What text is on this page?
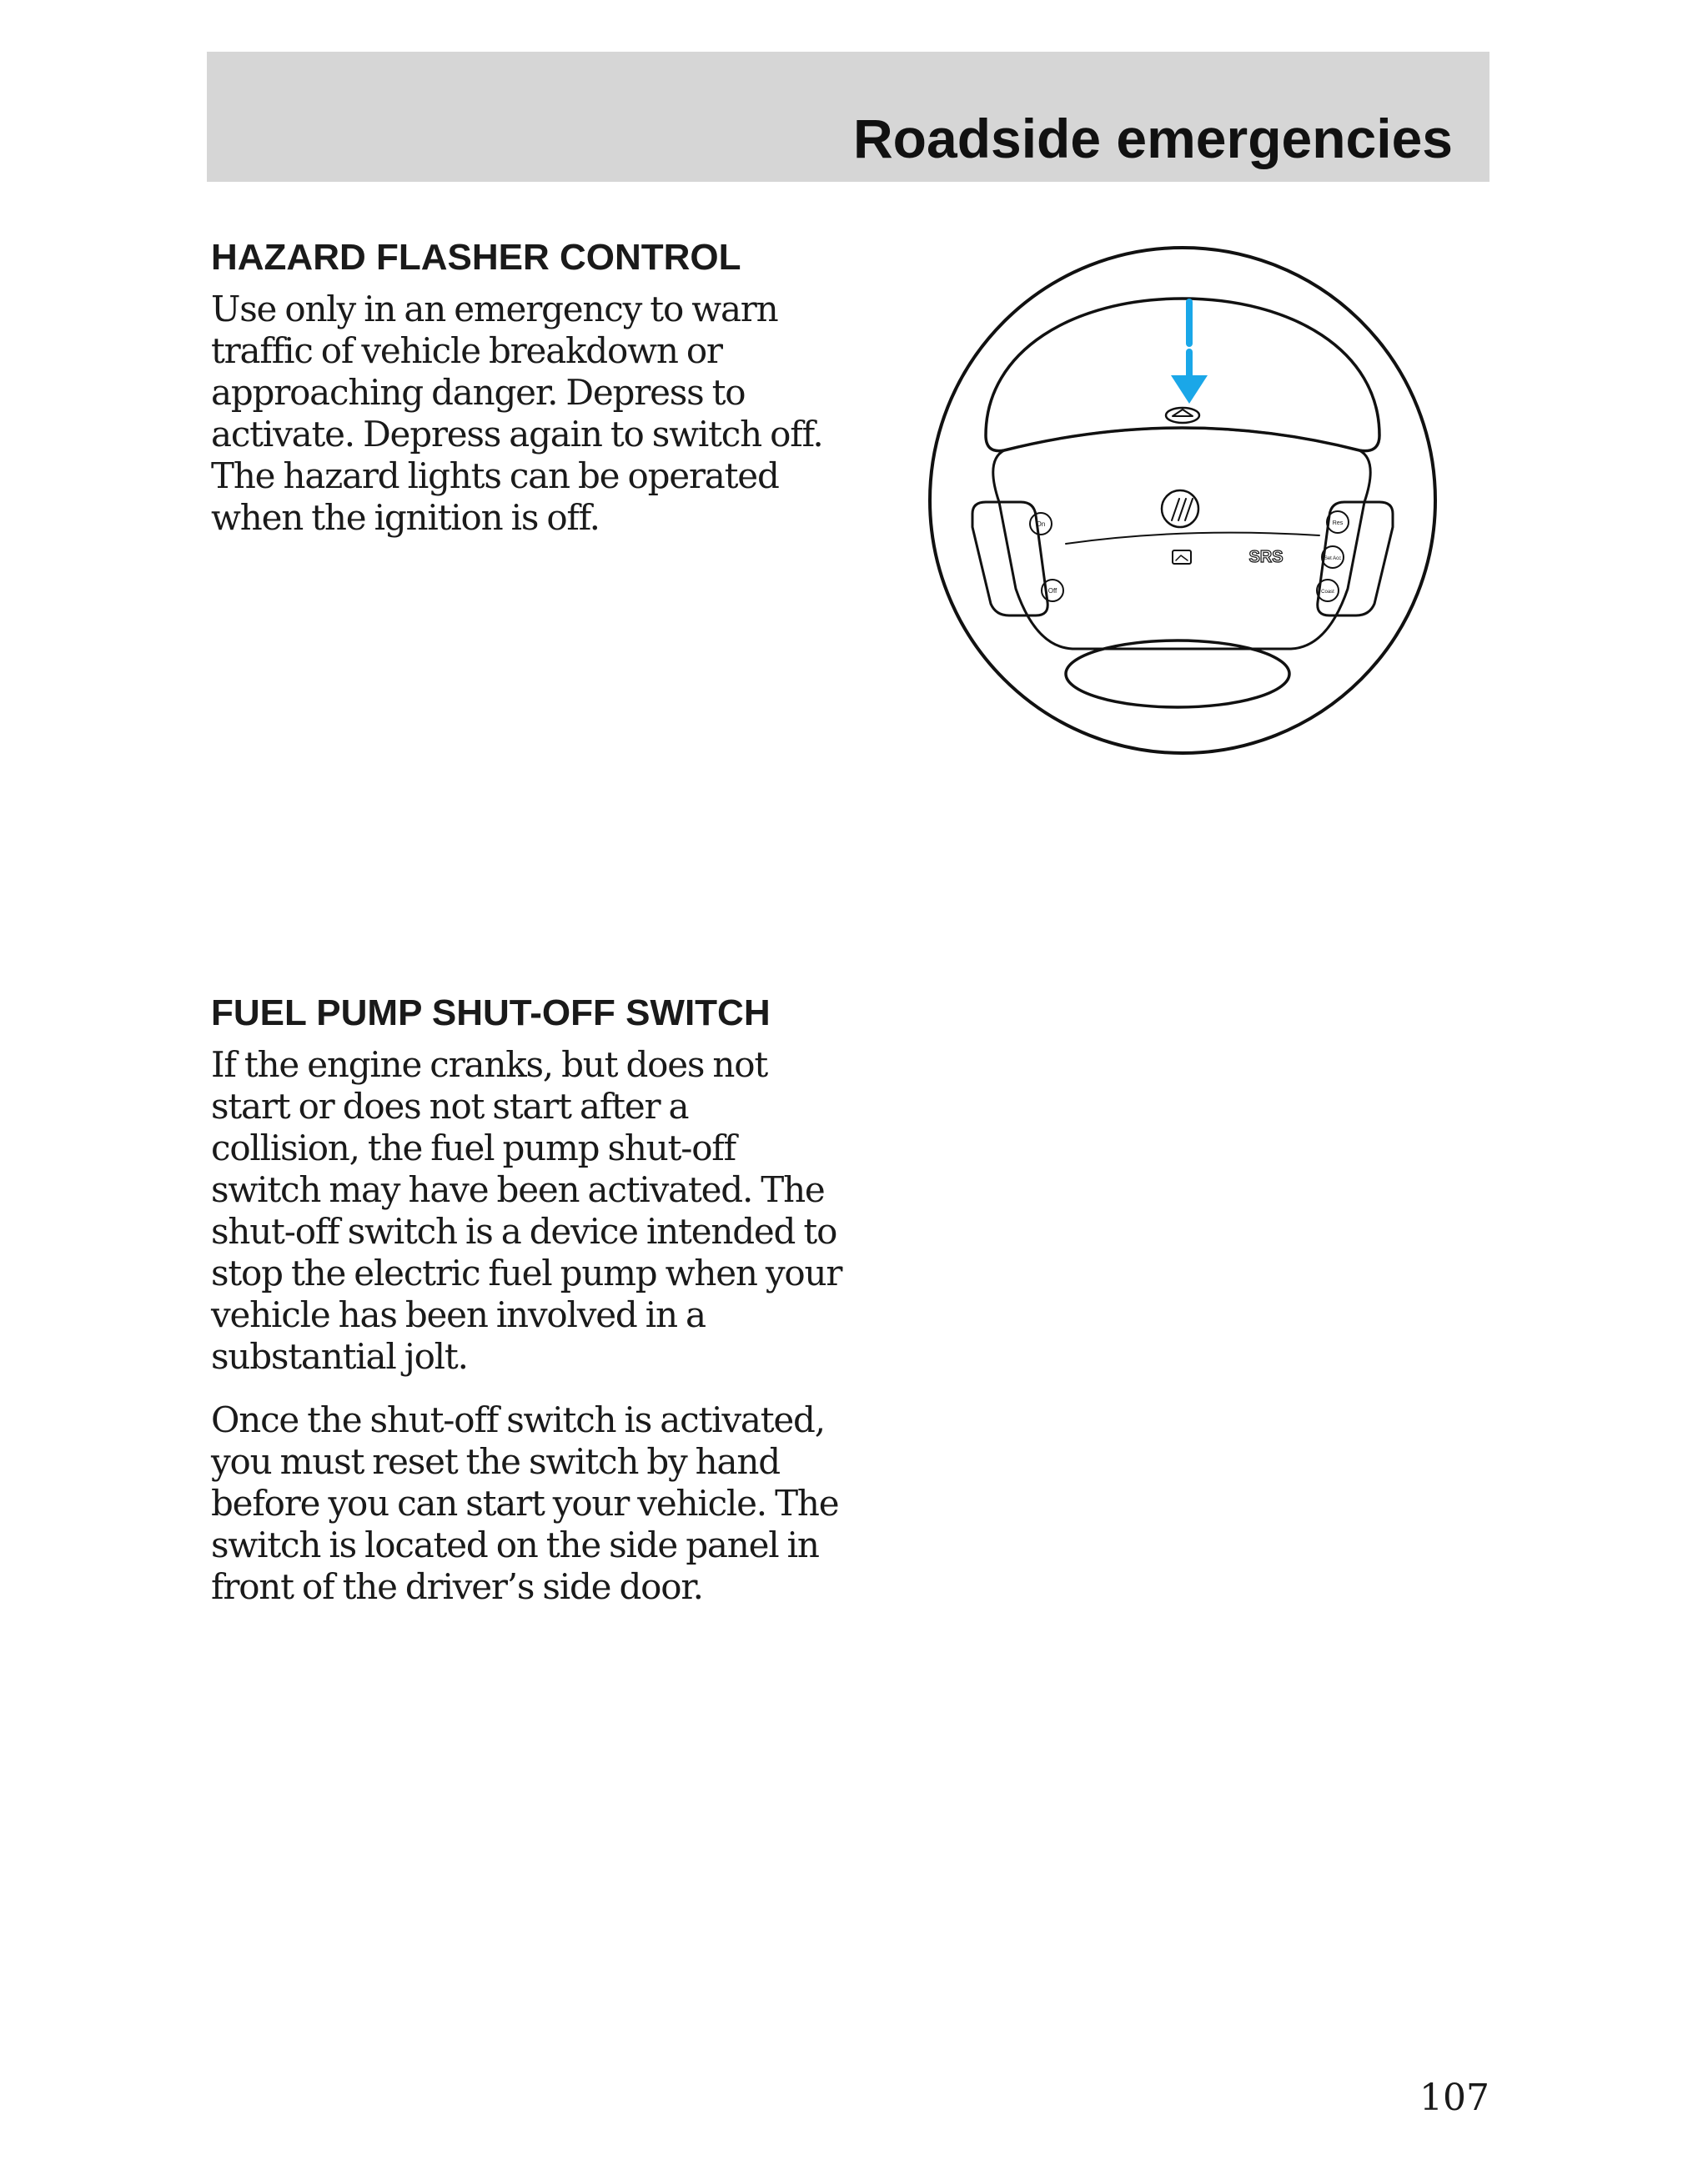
Roadside emergencies
HAZARD FLASHER CONTROL

Use only in an emergency to warn traffic of vehicle breakdown or approaching danger. Depress to activate. Depress again to switch off. The hazard lights can be operated when the ignition is off.	On
Off
Res
Set Acc
Coast
SRS
FUEL PUMP SHUT-OFF SWITCH

If the engine cranks, but does not start or does not start after a collision, the fuel pump shut-off switch may have been activated. The shut-off switch is a device intended to stop the electric fuel pump when your vehicle has been involved in a substantial jolt.

Once the shut-off switch is activated, you must reset the switch by hand before you can start your vehicle. The switch is located on the side panel in front of the driver’s side door.

107
